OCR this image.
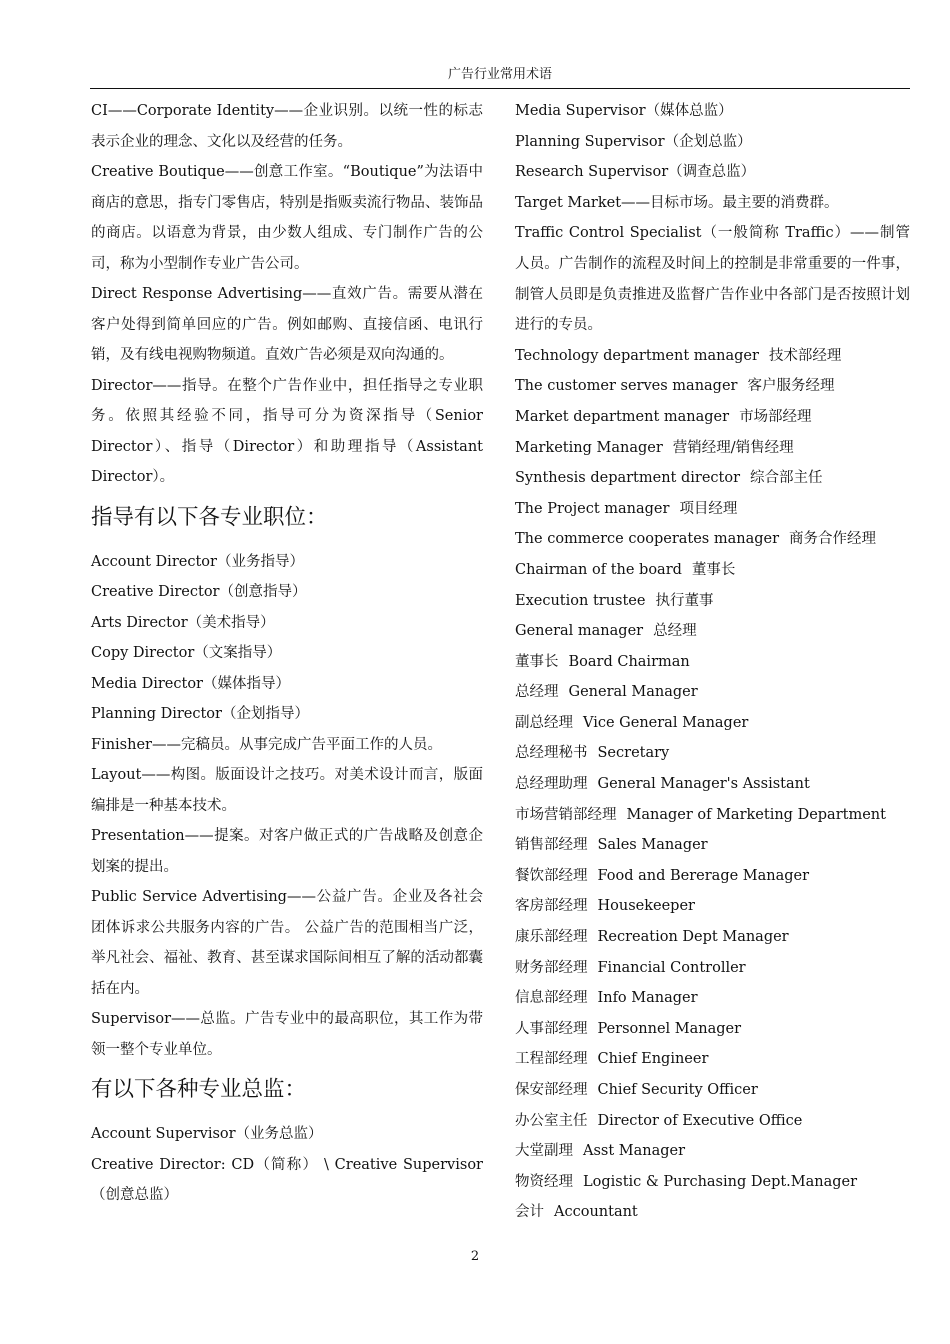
广告行业常用术语

CI——Corporate Identity——企业识别。以统一性的标志表示企业的理念、文化以及经营的任务。

Creative Boutique——创意工作室。“Boutique”为法语中商店的意思，指专门零售店，特别是指贩卖流行物品、装饰品的商店。以语意为背景，由少数人组成、专门制作广告的公司，称为小型制作专业广告公司。

Direct Response Advertising——直效广告。需要从潜在客户处得到简单回应的广告。例如邮购、直接信函、电讯行销，及有线电视购物频道。直效广告必须是双向沟通的。

Director——指导。在整个广告作业中，担任指导之专业职务。依照其经验不同，指导可分为资深指导（Senior Director）、指导（Director）和助理指导（Assistant Director）。

指导有以下各专业职位：

Account Director（业务指导）

Creative Director（创意指导）

Arts Director（美术指导）

Copy Director（文案指导）

Media Director（媒体指导）

Planning Director（企划指导）

Finisher——完稿员。从事完成广告平面工作的人员。

Layout——构图。版面设计之技巧。对美术设计而言，版面编排是一种基本技术。

Presentation——提案。对客户做正式的广告战略及创意企划案的提出。

Public Service Advertising——公益广告。企业及各社会团体诉求公共服务内容的广告。 公益广告的范围相当广泛，举凡社会、福祉、教育、甚至谋求国际间相互了解的活动都囊括在内。

Supervisor——总监。广告专业中的最高职位，其工作为带领一整个专业单位。

有以下各种专业总监：

Account Supervisor（业务总监）

Creative Director: CD（简称） \ Creative Supervisor（创意总监）

Media Supervisor（媒体总监）
Planning Supervisor（企划总监）
Research Supervisor（调查总监）
Target Market——目标市场。最主要的消费群。
Traffic Control Specialist（一般简称 Traffic）——制管人员。广告制作的流程及时间上的控制是非常重要的一件事，制管人员即是负责推进及监督广告作业中各部门是否按照计划进行的专员。
Technology department manager 技术部经理
The customer serves manager 客户服务经理
Market department manager 市场部经理
Marketing Manager 营销经理/销售经理
Synthesis department director 综合部主任
The Project manager 项目经理
The commerce cooperates manager 商务合作经理
Chairman of the board 董事长
Execution trustee 执行董事
General manager 总经理
董事长 Board Chairman
总经理 General Manager
副总经理 Vice General Manager
总经理秘书 Secretary
总经理助理 General Manager's Assistant
市场营销部经理 Manager of Marketing Department
销售部经理 Sales Manager
餐饮部经理 Food and Bererage Manager
客房部经理 Housekeeper
康乐部经理 Recreation Dept Manager
财务部经理 Financial Controller
信息部经理 Info Manager
人事部经理 Personnel Manager
工程部经理 Chief Engineer
保安部经理 Chief Security Officer
办公室主任 Director of Executive Office
大堂副理 Asst Manager
物资经理 Logistic & Purchasing Dept.Manager
会计 Accountant
2
